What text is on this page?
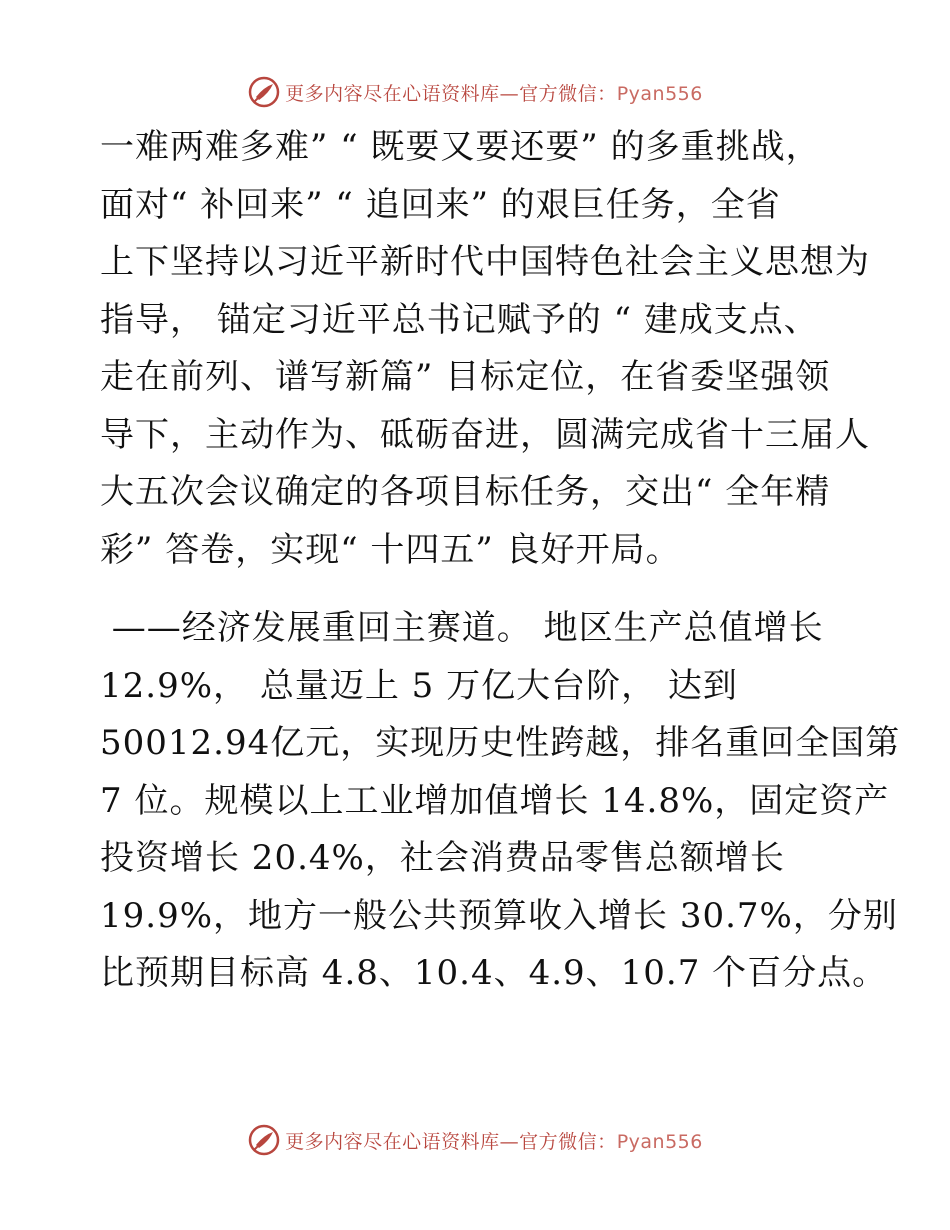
更多内容尽在心语资料库—官方微信：Pyan556
一难两难多难” “ 既要又要还要” 的多重挑战，
面对“ 补回来” “ 追回来” 的艰巨任务，全省
上下坚持以习近平新时代中国特色社会主义思想为
指导， 锚定习近平总书记赋予的 “ 建成支点、
走在前列、谱写新篇” 目标定位，在省委坚强领
导下，主动作为、砥砺奋进，圆满完成省十三届人
大五次会议确定的各项目标任务，交出“ 全年精
彩” 答卷，实现“ 十四五” 良好开局。
——经济发展重回主赛道。 地区生产总值增长
12.9%， 总量迈上 5 万亿大台阶， 达到
50012.94亿元，实现历史性跨越，排名重回全国第
7 位。规模以上工业增加值增长 14.8%，固定资产
投资增长 20.4%，社会消费品零售总额增长
19.9%，地方一般公共预算收入增长 30.7%，分别
比预期目标高 4.8、10.4、4.9、10.7 个百分点。
更多内容尽在心语资料库—官方微信：Pyan556
